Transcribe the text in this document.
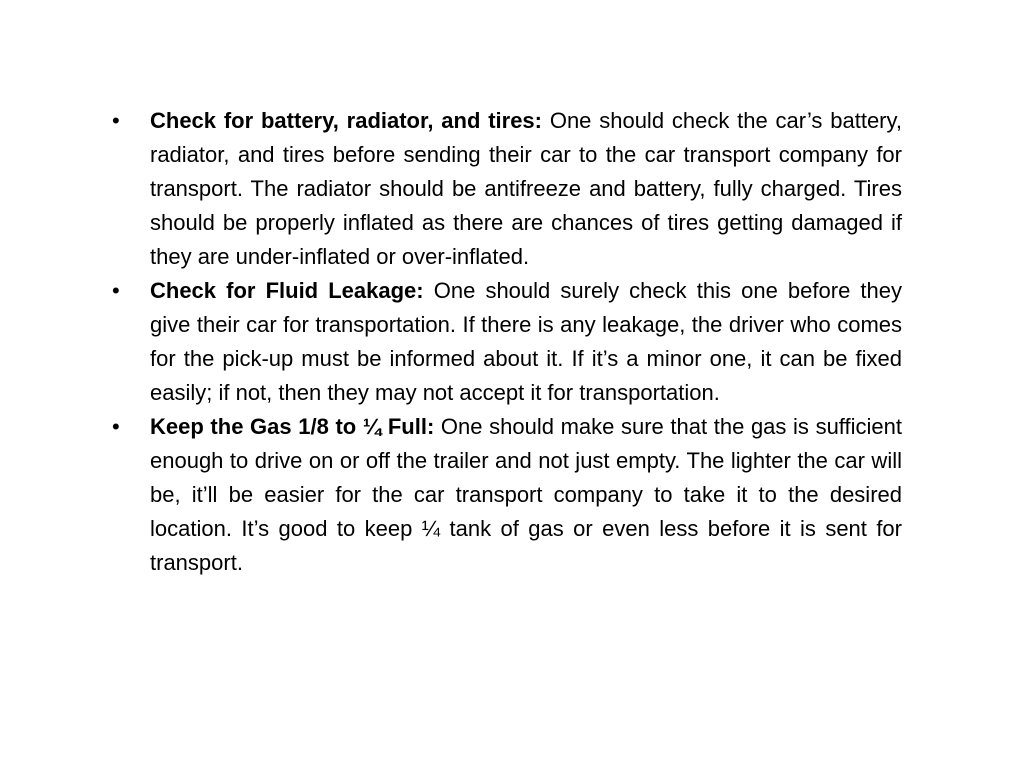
•	Check for battery, radiator, and tires: One should check the car’s battery, radiator, and tires before sending their car to the car transport company for transport. The radiator should be antifreeze and battery, fully charged. Tires should be properly inflated as there are chances of tires getting damaged if they are under-inflated or over-inflated.
•	Check for Fluid Leakage: One should surely check this one before they give their car for transportation. If there is any leakage, the driver who comes for the pick-up must be informed about it. If it’s a minor one, it can be fixed easily; if not, then they may not accept it for transportation.
•	Keep the Gas 1/8 to ¼ Full: One should make sure that the gas is sufficient enough to drive on or off the trailer and not just empty. The lighter the car will be, it’ll be easier for the car transport company to take it to the desired location. It’s good to keep ¼ tank of gas or even less before it is sent for transport.
